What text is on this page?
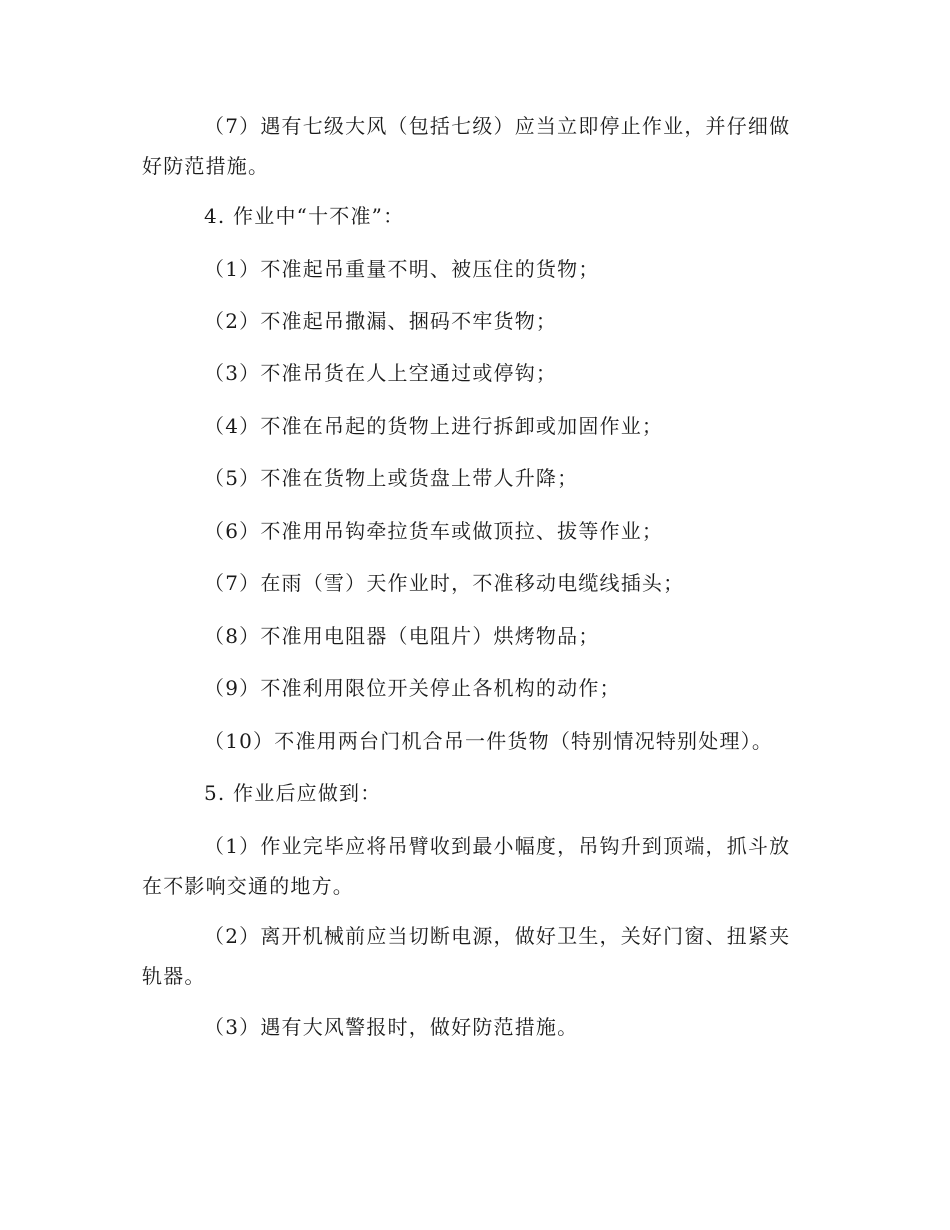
（7）遇有七级大风（包括七级）应当立即停止作业，并仔细做好防范措施。

4. 作业中“十不准”：

（1）不准起吊重量不明、被压住的货物；

（2）不准起吊撒漏、捆码不牢货物；

（3）不准吊货在人上空通过或停钩；

（4）不准在吊起的货物上进行拆卸或加固作业；

（5）不准在货物上或货盘上带人升降；

（6）不准用吊钩牵拉货车或做顶拉、拔等作业；

（7）在雨（雪）天作业时，不准移动电缆线插头；

（8）不准用电阻器（电阻片）烘烤物品；

（9）不准利用限位开关停止各机构的动作；

（10）不准用两台门机合吊一件货物（特别情况特别处理）。

5. 作业后应做到：

（1）作业完毕应将吊臂收到最小幅度，吊钩升到顶端，抓斗放在不影响交通的地方。

（2）离开机械前应当切断电源，做好卫生，关好门窗、扭紧夹轨器。

（3）遇有大风警报时，做好防范措施。
